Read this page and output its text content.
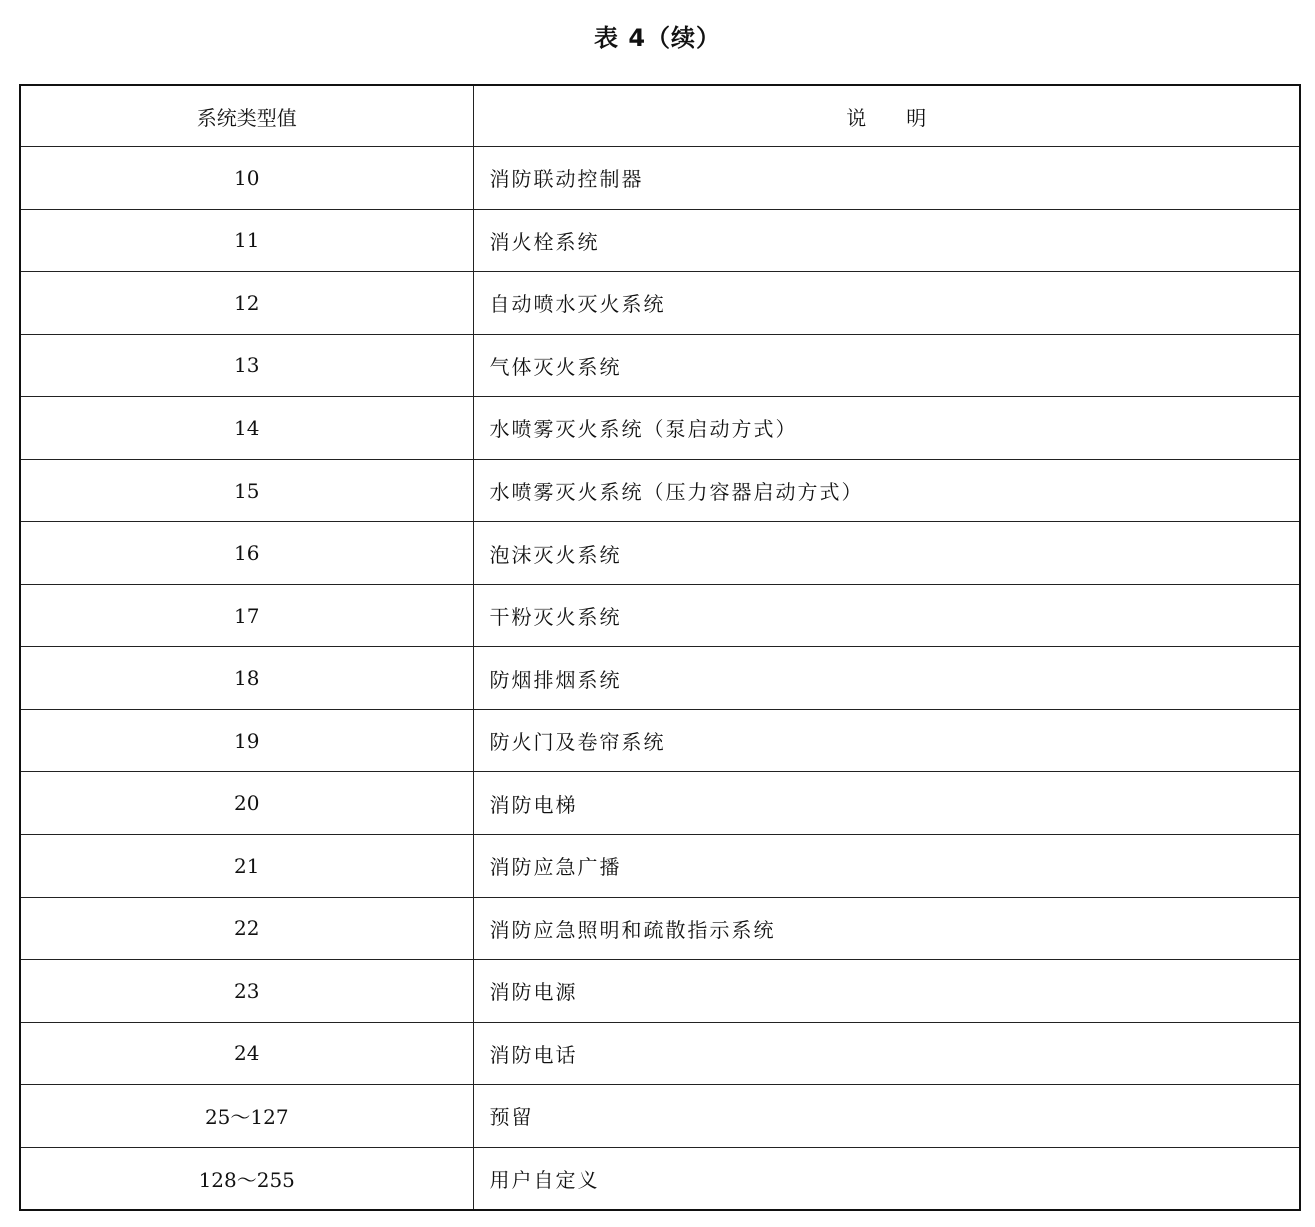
表 4（续）
系统类型值	说明
10	消防联动控制器
11	消火栓系统
12	自动喷水灭火系统
13	气体灭火系统
14	水喷雾灭火系统（泵启动方式）
15	水喷雾灭火系统（压力容器启动方式）
16	泡沫灭火系统
17	干粉灭火系统
18	防烟排烟系统
19	防火门及卷帘系统
20	消防电梯
21	消防应急广播
22	消防应急照明和疏散指示系统
23	消防电源
24	消防电话
25～127	预留
128～255	用户自定义
